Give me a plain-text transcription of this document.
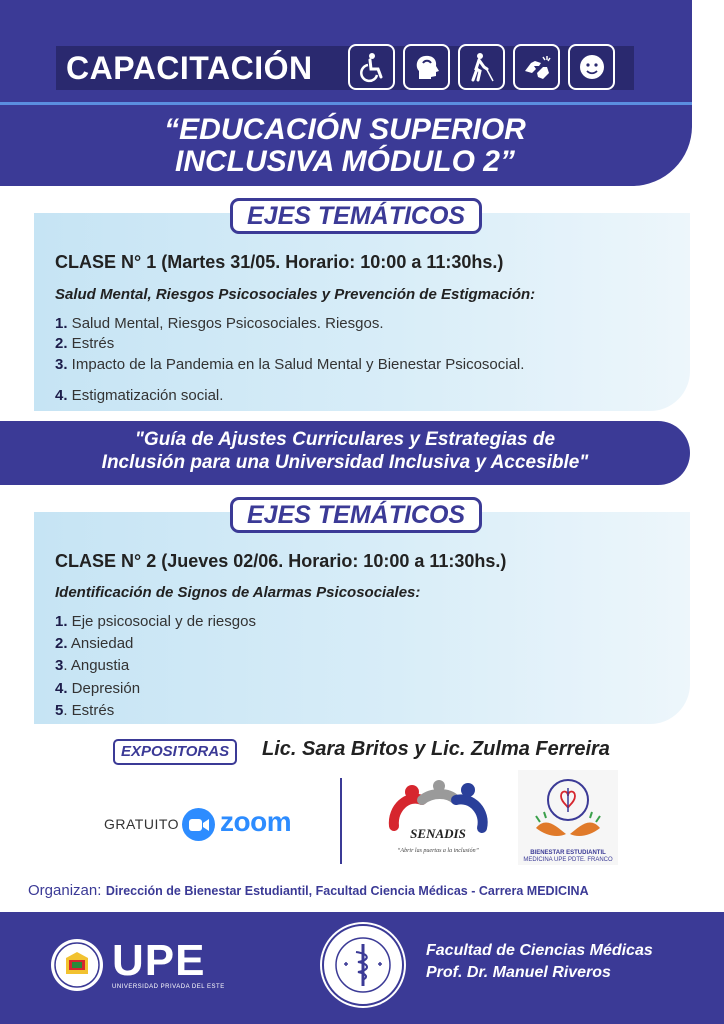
CAPACITACIÓN
“EDUCACIÓN SUPERIOR
INCLUSIVA MÓDULO 2”
EJES TEMÁTICOS
CLASE N° 1 (Martes 31/05. Horario: 10:00 a 11:30hs.)
Salud Mental, Riesgos Psicosociales y Prevención de Estigmación:
1. Salud Mental, Riesgos Psicosociales. Riesgos.
2. Estrés
3. Impacto de la Pandemia en la Salud Mental y Bienestar Psicosocial.
4. Estigmatización social.
"Guía de Ajustes Curriculares y Estrategias de
Inclusión para una Universidad Inclusiva y Accesible"
EJES TEMÁTICOS
CLASE N° 2 (Jueves 02/06. Horario: 10:00 a 11:30hs.)
Identificación de Signos de Alarmas Psicosociales:
1. Eje psicosocial y de riesgos
2. Ansiedad
3. Angustia
4. Depresión
5. Estrés
EXPOSITORAS	Lic. Sara Britos y Lic. Zulma Ferreira
GRATUITO zoom	SENADIS
“Abrir las puertas a la inclusión”	BIENESTAR ESTUDIANTIL
MEDICINA UPE PDTE. FRANCO
Organizan: Dirección de Bienestar Estudiantil, Facultad Ciencia Médicas - Carrera MEDICINA
UPE
UNIVERSIDAD PRIVADA DEL ESTE
Facultad de Ciencias Médicas
Prof. Dr. Manuel Riveros
